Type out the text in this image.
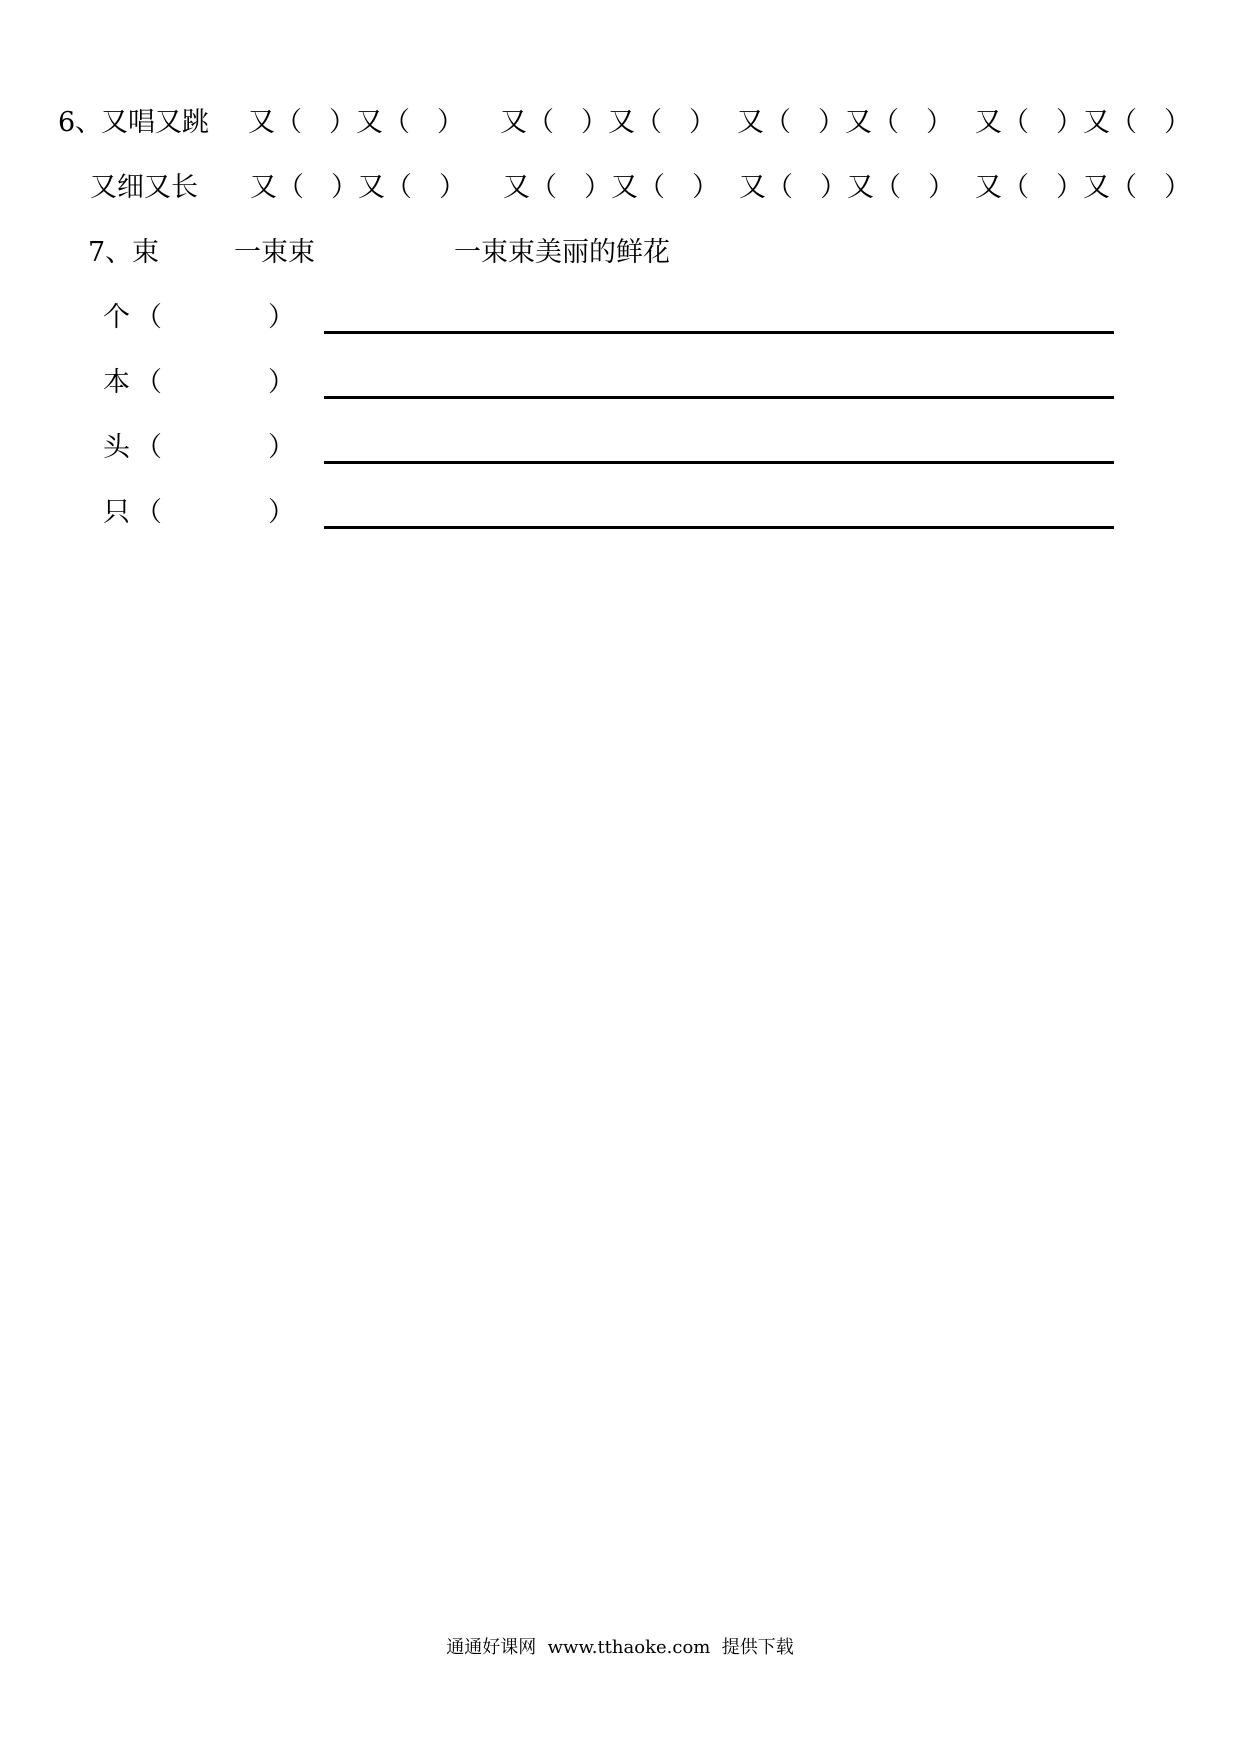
6、
又唱又跳 又（　）又（　） 又（　）又（　） 又（　）又（　） 又（　）又（　）
又细又长 又（　）又（　） 又（　）又（　） 又（　）又（　） 又（　）又（　）
7、 束	一束束	一束束美丽的鲜花
个 （	）
本 （	）
头 （	）
只 （	）
通通好课网  www.tthaoke.com  提供下载
